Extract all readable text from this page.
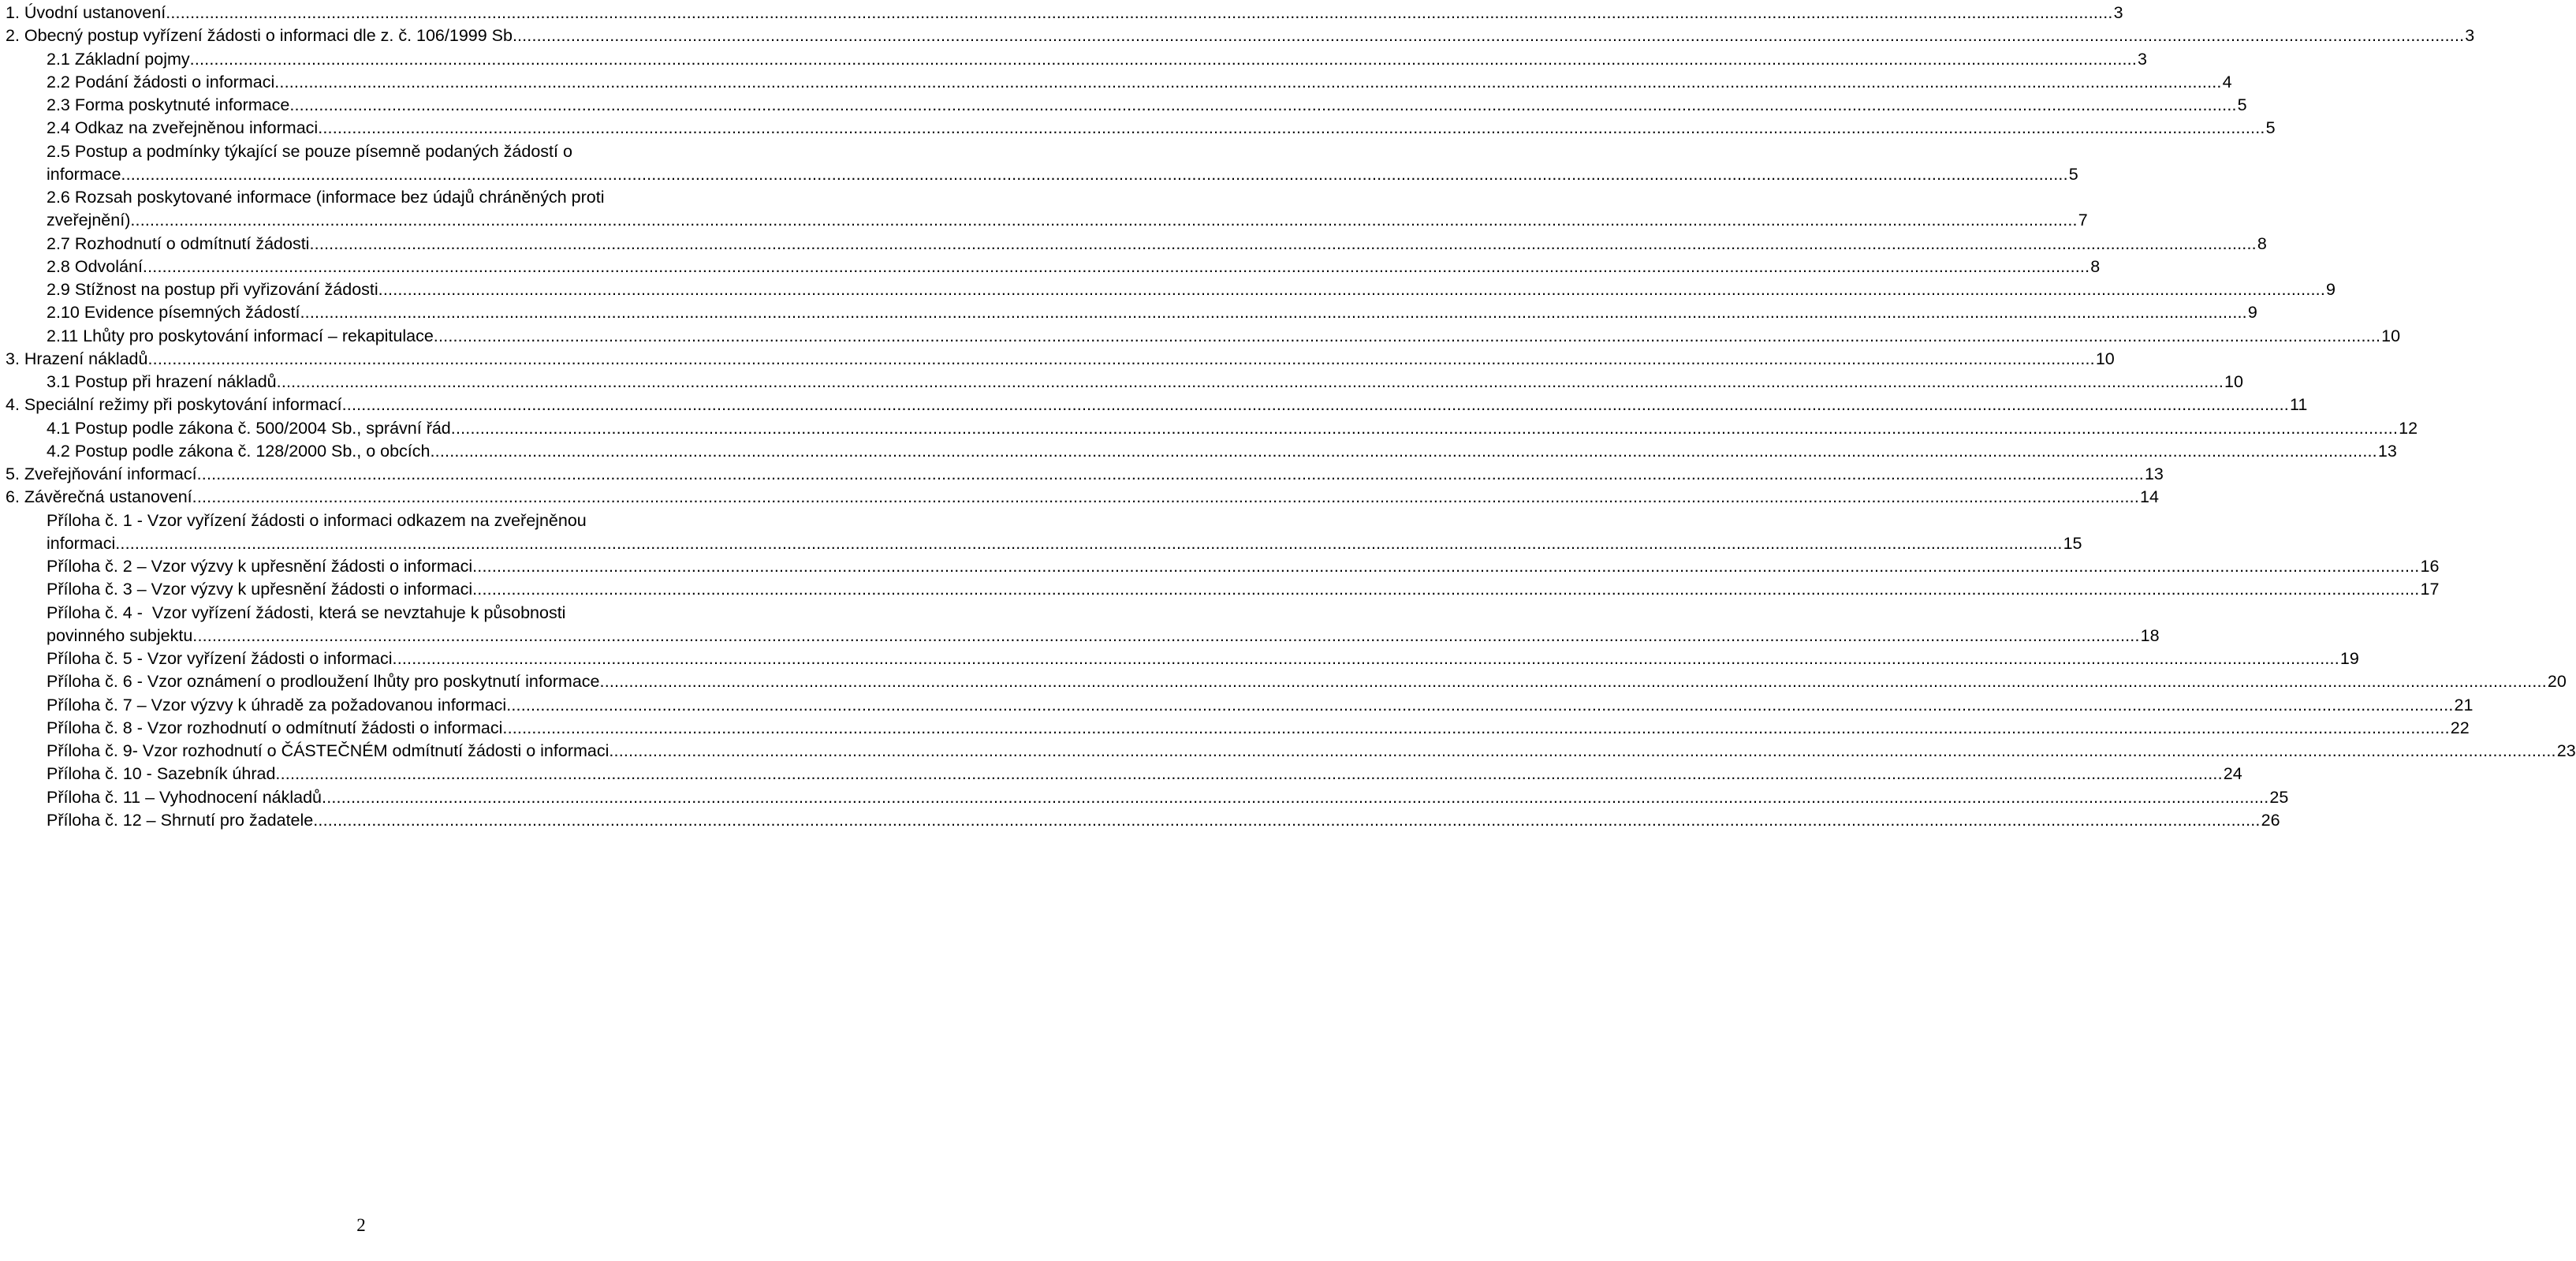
1. Úvodní ustanovení ................................................................................................................................................................................................................................................................................................................................................................................................................ 3
2. Obecný postup vyřízení žádosti o informaci dle z. č. 106/1999 Sb. ................................................................................................................................................................................................................................................................................................................................................................................................................ 3
2.1 Základní pojmy ................................................................................................................................................................................................................................................................................................................................................................................................................ 3
2.2 Podání žádosti o informaci ................................................................................................................................................................................................................................................................................................................................................................................................................ 4
2.3 Forma poskytnuté informace ................................................................................................................................................................................................................................................................................................................................................................................................................ 5
2.4 Odkaz na zveřejněnou informaci ................................................................................................................................................................................................................................................................................................................................................................................................................ 5
2.5 Postup a podmínky týkající se pouze písemně podaných žádostí o
informace ................................................................................................................................................................................................................................................................................................................................................................................................................ 5
2.6 Rozsah poskytované informace (informace bez údajů chráněných proti
zveřejnění) ................................................................................................................................................................................................................................................................................................................................................................................................................ 7
2.7 Rozhodnutí o odmítnutí žádosti ................................................................................................................................................................................................................................................................................................................................................................................................................ 8
2.8 Odvolání ................................................................................................................................................................................................................................................................................................................................................................................................................ 8
2.9 Stížnost na postup při vyřizování žádosti ................................................................................................................................................................................................................................................................................................................................................................................................................ 9
2.10 Evidence písemných žádostí ................................................................................................................................................................................................................................................................................................................................................................................................................ 9
2.11 Lhůty pro poskytování informací – rekapitulace ................................................................................................................................................................................................................................................................................................................................................................................................................ 10
3. Hrazení nákladů ................................................................................................................................................................................................................................................................................................................................................................................................................ 10
3.1 Postup při hrazení nákladů ................................................................................................................................................................................................................................................................................................................................................................................................................ 10
4. Speciální režimy při poskytování informací ................................................................................................................................................................................................................................................................................................................................................................................................................ 11
4.1 Postup podle zákona č. 500/2004 Sb., správní řád ................................................................................................................................................................................................................................................................................................................................................................................................................ 12
4.2 Postup podle zákona č. 128/2000 Sb., o obcích ................................................................................................................................................................................................................................................................................................................................................................................................................ 13
5. Zveřejňování informací ................................................................................................................................................................................................................................................................................................................................................................................................................ 13
6. Závěrečná ustanovení ................................................................................................................................................................................................................................................................................................................................................................................................................ 14
Příloha č. 1 - Vzor vyřízení žádosti o informaci odkazem na zveřejněnou
informaci ................................................................................................................................................................................................................................................................................................................................................................................................................ 15
Příloha č. 2 – Vzor výzvy k upřesnění žádosti o informaci ................................................................................................................................................................................................................................................................................................................................................................................................................ 16
Příloha č. 3 – Vzor výzvy k upřesnění žádosti o informaci ................................................................................................................................................................................................................................................................................................................................................................................................................ 17
Příloha č. 4 -  Vzor vyřízení žádosti, která se nevztahuje k působnosti
povinného subjektu ................................................................................................................................................................................................................................................................................................................................................................................................................ 18
Příloha č. 5 - Vzor vyřízení žádosti o informaci ................................................................................................................................................................................................................................................................................................................................................................................................................ 19
Příloha č. 6 - Vzor oznámení o prodloužení lhůty pro poskytnutí informace ................................................................................................................................................................................................................................................................................................................................................................................................................ 20
Příloha č. 7 – Vzor výzvy k úhradě za požadovanou informaci ................................................................................................................................................................................................................................................................................................................................................................................................................ 21
Příloha č. 8 - Vzor rozhodnutí o odmítnutí žádosti o informaci ................................................................................................................................................................................................................................................................................................................................................................................................................ 22
Příloha č. 9- Vzor rozhodnutí o ČÁSTEČNÉM odmítnutí žádosti o informaci ................................................................................................................................................................................................................................................................................................................................................................................................................ 23
Příloha č. 10 - Sazebník úhrad ................................................................................................................................................................................................................................................................................................................................................................................................................ 24
Příloha č. 11 – Vyhodnocení nákladů ................................................................................................................................................................................................................................................................................................................................................................................................................ 25
Příloha č. 12 – Shrnutí pro žadatele ................................................................................................................................................................................................................................................................................................................................................................................................................ 26
2
